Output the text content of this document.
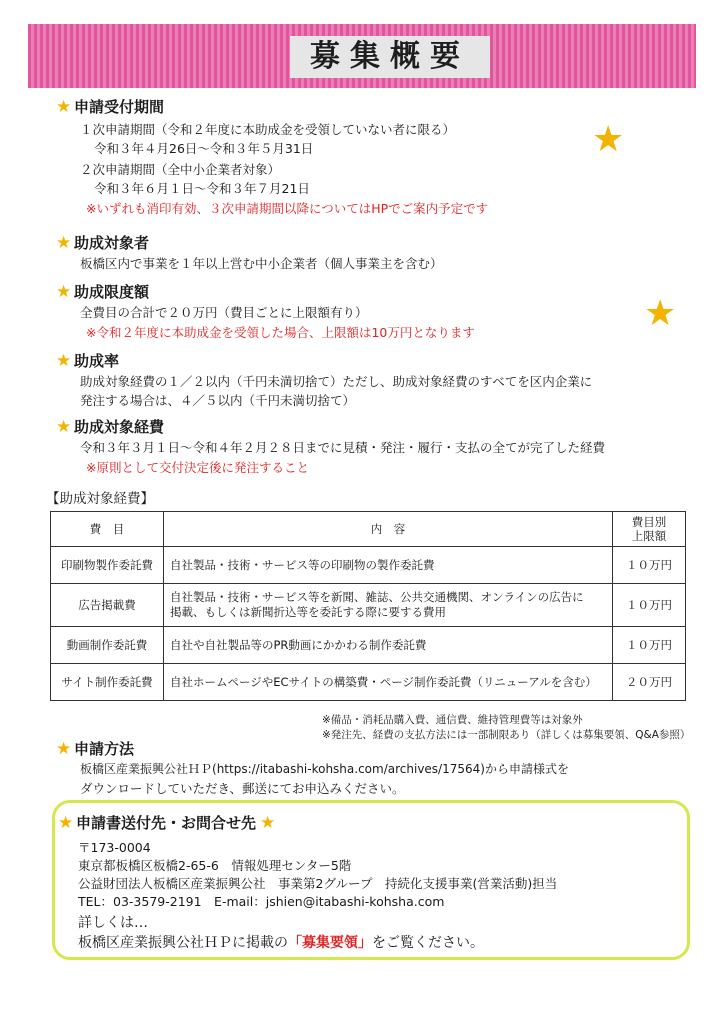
募集概要
★ 申請受付期間
１次申請期間（令和２年度に本助成金を受領していない者に限る）
令和３年４月26日～令和３年５月31日
２次申請期間（全中小企業者対象）
令和３年６月１日～令和３年７月21日
※いずれも消印有効、３次申請期間以降についてはHPでご案内予定です
★
★ 助成対象者
板橋区内で事業を１年以上営む中小企業者（個人事業主を含む）
★ 助成限度額
全費目の合計で２０万円（費目ごとに上限額有り）
※令和２年度に本助成金を受領した場合、上限額は10万円となります	★
★ 助成率
助成対象経費の１／２以内（千円未満切捨て）ただし、助成対象経費のすべてを区内企業に
発注する場合は、４／５以内（千円未満切捨て）
★ 助成対象経費
令和３年３月１日～令和４年２月２８日までに見積・発注・履行・支払の全てが完了した経費
※原則として交付決定後に発注すること
【助成対象経費】
費　目	内　容	費目別
上限額
印刷物製作委託費	自社製品・技術・サービス等の印刷物の製作委託費	１０万円
広告掲載費	自社製品・技術・サービス等を新聞、雑誌、公共交通機関、オンラインの広告に
掲載、もしくは新聞折込等を委託する際に要する費用	１０万円
動画制作委託費	自社や自社製品等のPR動画にかかわる制作委託費	１０万円
サイト制作委託費	自社ホームページやECサイトの構築費・ページ制作委託費（リニューアルを含む）	２０万円
※備品・消耗品購入費、通信費、維持管理費等は対象外
※発注先、経費の支払方法には一部制限あり（詳しくは募集要領、Q&A参照）
★ 申請方法
板橋区産業振興公社ＨＰ(https://itabashi-kohsha.com/archives/17564)から申請様式を
ダウンロードしていただき、郵送にてお申込みください。
★ 申請書送付先・お問合せ先 ★
〒173-0004
東京都板橋区板橋2-65-6　情報処理センター5階
公益財団法人板橋区産業振興公社　事業第2グループ　持続化支援事業(営業活動)担当
TEL：03-3579-2191　E-mail：jshien@itabashi-kohsha.com
詳しくは…
板橋区産業振興公社ＨＰに掲載の「募集要領」をご覧ください。
